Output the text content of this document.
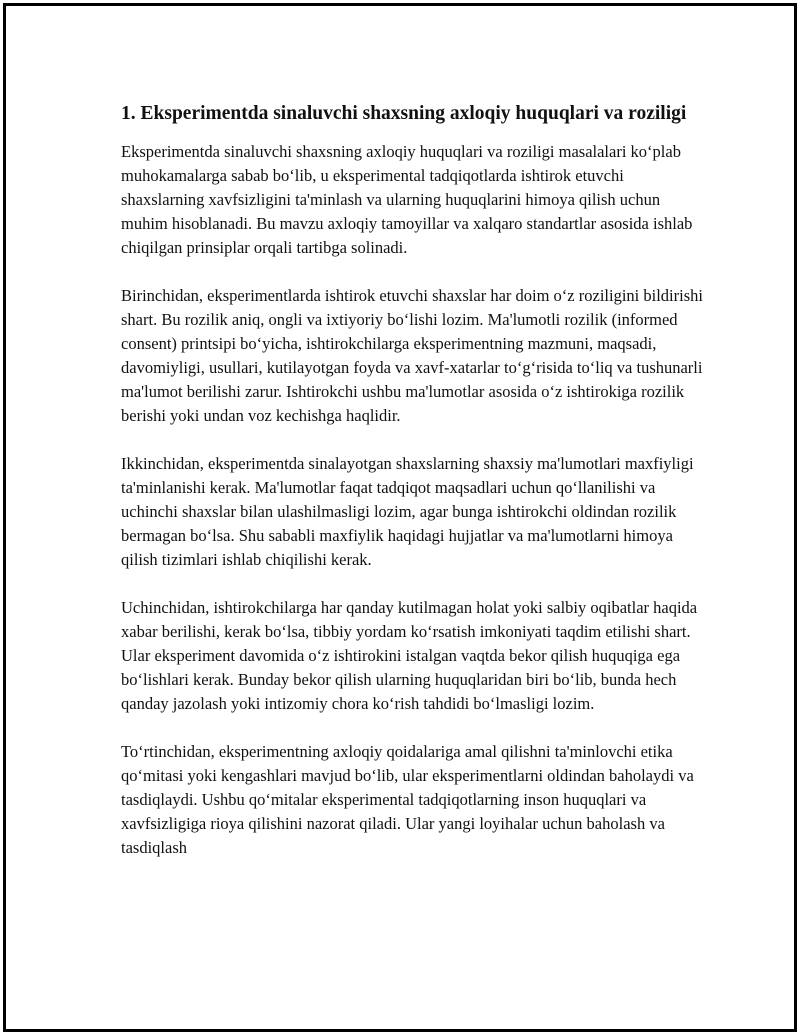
1. Eksperimentda sinaluvchi shaxsning axloqiy huquqlari va roziligi

Eksperimentda sinaluvchi shaxsning axloqiy huquqlari va roziligi masalalari ko‘plab muhokamalarga sabab bo‘lib, u eksperimental tadqiqotlarda ishtirok etuvchi shaxslarning xavfsizligini ta'minlash va ularning huquqlarini himoya qilish uchun muhim hisoblanadi. Bu mavzu axloqiy tamoyillar va xalqaro standartlar asosida ishlab chiqilgan prinsiplar orqali tartibga solinadi.

Birinchidan, eksperimentlarda ishtirok etuvchi shaxslar har doim o‘z roziligini bildirishi shart. Bu rozilik aniq, ongli va ixtiyoriy bo‘lishi lozim. Ma'lumotli rozilik (informed consent) printsipi bo‘yicha, ishtirokchilarga eksperimentning mazmuni, maqsadi, davomiyligi, usullari, kutilayotgan foyda va xavf-xatarlar to‘g‘risida to‘liq va tushunarli ma'lumot berilishi zarur. Ishtirokchi ushbu ma'lumotlar asosida o‘z ishtirokiga rozilik berishi yoki undan voz kechishga haqlidir.

Ikkinchidan, eksperimentda sinalayotgan shaxslarning shaxsiy ma'lumotlari maxfiyligi ta'minlanishi kerak. Ma'lumotlar faqat tadqiqot maqsadlari uchun qo‘llanilishi va uchinchi shaxslar bilan ulashilmasligi lozim, agar bunga ishtirokchi oldindan rozilik bermagan bo‘lsa. Shu sababli maxfiylik haqidagi hujjatlar va ma'lumotlarni himoya qilish tizimlari ishlab chiqilishi kerak.

Uchinchidan, ishtirokchilarga har qanday kutilmagan holat yoki salbiy oqibatlar haqida xabar berilishi, kerak bo‘lsa, tibbiy yordam ko‘rsatish imkoniyati taqdim etilishi shart. Ular eksperiment davomida o‘z ishtirokini istalgan vaqtda bekor qilish huquqiga ega bo‘lishlari kerak. Bunday bekor qilish ularning huquqlaridan biri bo‘lib, bunda hech qanday jazolash yoki intizomiy chora ko‘rish tahdidi bo‘lmasligi lozim.

To‘rtinchidan, eksperimentning axloqiy qoidalariga amal qilishni ta'minlovchi etika qo‘mitasi yoki kengashlari mavjud bo‘lib, ular eksperimentlarni oldindan baholaydi va tasdiqlaydi. Ushbu qo‘mitalar eksperimental tadqiqotlarning inson huquqlari va xavfsizligiga rioya qilishini nazorat qiladi. Ular yangi loyihalar uchun baholash va tasdiqlash
